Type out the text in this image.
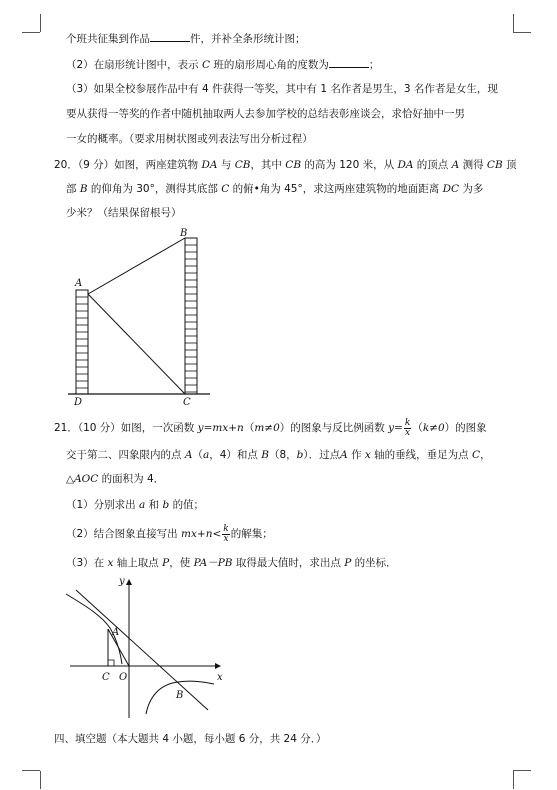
个班共征集到作品	件，并补全条形统计图；
（2）在扇形统计图中，表示 C 班的扇形周心角的度数为	；
（3）如果全校参展作品中有 4 件获得一等奖，其中有 1 名作者是男生，3 名作者是女生，现
要从获得一等奖的作者中随机抽取两人去参加学校的总结表彰座谈会，求恰好抽中一男
一女的概率。（要求用树状图或列表法写出分析过程）
20．（9 分）如图，两座建筑物 DA 与 CB，其中 CB 的高为 120 米，从 DA 的顶点 A 测得 CB 顶
部 B 的仰角为 30°，测得其底部 C 的俯•角为 45°，求这两座建筑物的地面距离 DC 为多
少米？（结果保留根号）
A
B
C
D
21．（10 分）如图，一次函数 y=mx+n（m≠0）的图象与反比例函数 $y= \frac{k}{x} (k\ne 0)$的图象
交于第二、四象限内的点 A（a，4）和点 B（8，b）．过点A 作 x 轴的垂线，垂足为点 C，
△AOC 的面积为 4．
（1）分别求出 a 和 b 的值；
（2）结合图象直接写出 $mx+n< \frac{k}{x}$ 的解集；
（3）在 x 轴上取点 P，使 PA－PB 取得最大值时，求出点 P 的坐标．
y
x
A
B
C O
四、填空题（本大题共 4 小题，每小题 6 分，共 24 分．）
